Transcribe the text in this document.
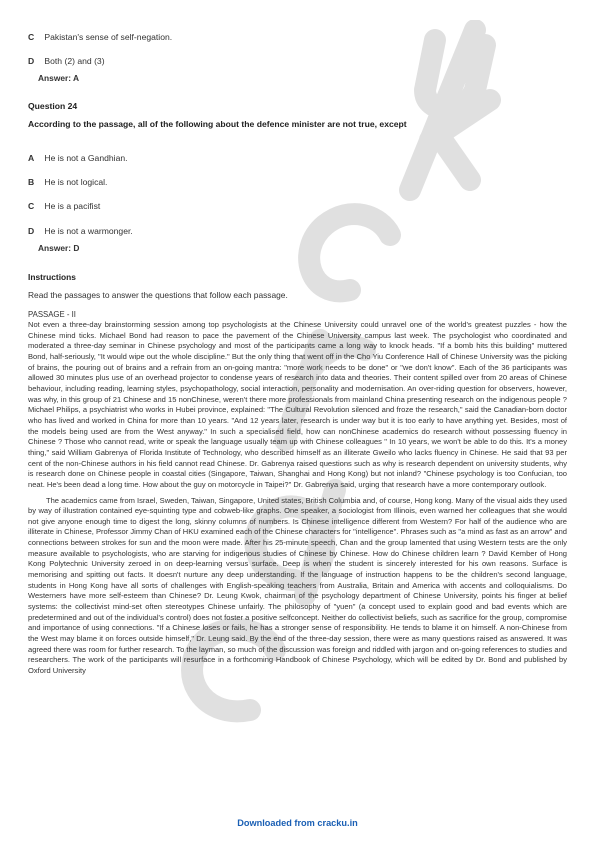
C Pakistan's sense of self-negation.
D Both (2) and (3)
Answer: A
Question 24
According to the passage, all of the following about the defence minister are not true, except
A He is not a Gandhian.
B He is not logical.
C He is a pacifist
D He is not a warmonger.
Answer: D
Instructions
Read the passages to answer the questions that follow each passage.
PASSAGE - II

Not even a three-day brainstorming session among top psychologists at the Chinese University could unravel one of the world's greatest puzzles - how the Chinese mind ticks. Michael Bond had reason to pace the pavement of the Chinese University campus last week. The psychologist who coordinated and moderated a three-day seminar in Chinese psychology and most of the participants came a long way to knock heads. "If a bomb hits this building" muttered Bond, half-seriously, "It would wipe out the whole discipline." But the only thing that went off in the Cho Yiu Conference Hall of Chinese University was the picking of brains, the pouring out of brains and a refrain from an on-going mantra: "more work needs to be done" or "we don't know". Each of the 36 participants was allowed 30 minutes plus use of an overhead projector to condense years of research into data and theories. Their content spilled over from 20 areas of Chinese behaviour, including reading, learning styles, psychopathology, social interaction, personality and modernisation. An over-riding question for observers, however, was why, in this group of 21 Chinese and 15 nonChinese, weren't there more professionals from mainland China presenting research on the indigenous people ? Michael Philips, a psychiatrist who works in Hubei province, explained: "The Cultural Revolution silenced and froze the research," said the Canadian-born doctor who has lived and worked in China for more than 10 years. "And 12 years later, research is under way but it is too early to have anything yet. Besides, most of the models being used are from the West anyway." In such a specialised field, how can nonChinese academics do research without possessing fluency in Chinese ? Those who cannot read, write or speak the language usually team up with Chinese colleagues " In 10 years, we won't be able to do this. It's a money thing," said William Gabrenya of Florida Institute of Technology, who described himself as an illiterate Gweilo who lacks fluency in Chinese. He said that 93 per cent of the non-Chinese authors in his field cannot read Chinese. Dr. Gabrenya raised questions such as why is research dependent on university students, why is research done on Chinese people in coastal cities (Singapore, Taiwan, Shanghai and Hong Kong) but not inland? "Chinese psychology is too Confucian, too neat. He's been dead a long time. How about the guy on motorcycle in Taipei?" Dr. Gabrenya said, urging that research have a more contemporary outlook.

The academics came from Israel, Sweden, Taiwan, Singapore, United states, British Columbia and, of course, Hong kong. Many of the visual aids they used by way of illustration contained eye-squinting type and cobweb-like graphs. One speaker, a sociologist from Illinois, even warned her colleagues that she would not give anyone enough time to digest the long, skinny columns of numbers. Is Chinese intelligence different from Western? For half of the audience who are illiterate in Chinese, Professor Jimmy Chan of HKU examined each of the Chinese characters for "intelligence". Phrases such as "a mind as fast as an arrow" and connections between strokes for sun and the moon were made. After his 25-minute speech, Chan and the group lamented that using Western tests are the only measure available to psychologists, who are starving for indigenous studies of Chinese by Chinese. How do Chinese children learn ? David Kember of Hong Kong Polytechnic University zeroed in on deep-learning versus surface. Deep is when the student is sincerely interested for his own reasons. Surface is memorising and spitting out facts. It doesn't nurture any deep understanding. If the language of instruction happens to be the children's second language, students in Hong Kong have all sorts of challenges with English-speaking teachers from Australia, Britain and America with accents and colloquialisms. Do Westerners have more self-esteem than Chinese? Dr. Leung Kwok, chairman of the psychology department of Chinese University, points his finger at belief systems: the collectivist mind-set often stereotypes Chinese unfairly. The philosophy of "yuen" (a concept used to explain good and bad events which are predetermined and out of the individual's control) does not foster a positive selfconcept. Neither do collectivist beliefs, such as sacrifice for the group, compromise and importance of using connections. "If a Chinese loses or fails, he has a stronger sense of responsibility. He tends to blame it on himself. A non-Chinese from the West may blame it on forces outside himself," Dr. Leung said. By the end of the three-day session, there were as many questions raised as answered. It was agreed there was room for further research. To the layman, so much of the discussion was foreign and riddled with jargon and on-going references to studies and researchers. The work of the participants will resurface in a forthcoming Handbook of Chinese Psychology, which will be edited by Dr. Bond and published by Oxford University

Downloaded from cracku.in
